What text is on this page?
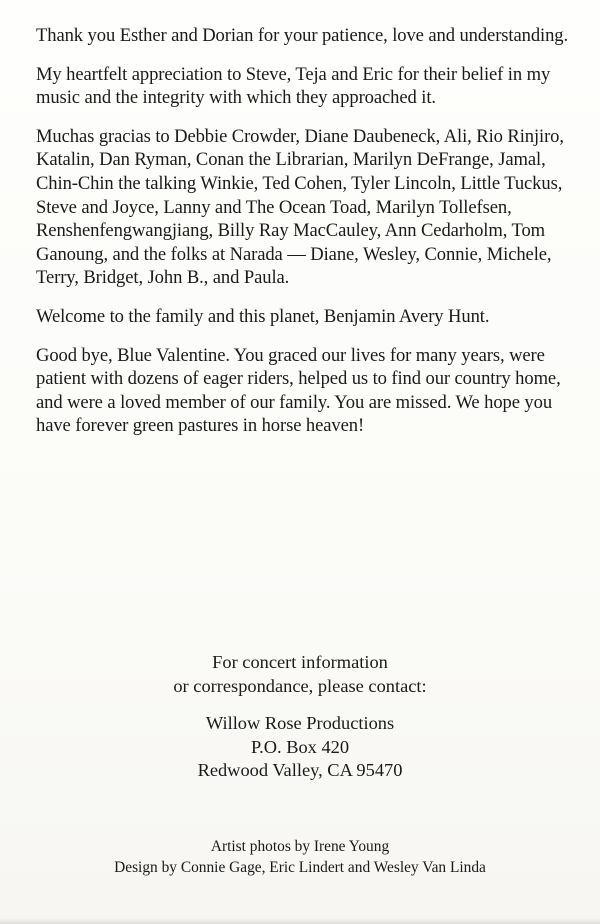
Thank you Esther and Dorian for your patience, love and understanding.

My heartfelt appreciation to Steve, Teja and Eric for their belief in my music and the integrity with which they approached it.

Muchas gracias to Debbie Crowder, Diane Daubeneck, Ali, Rio Rinjiro, Katalin, Dan Ryman, Conan the Librarian, Marilyn DeFrange, Jamal, Chin-Chin the talking Winkie, Ted Cohen, Tyler Lincoln, Little Tuckus, Steve and Joyce, Lanny and The Ocean Toad, Marilyn Tollefsen, Renshenfengwangjiang, Billy Ray MacCauley, Ann Cedarholm, Tom Ganoung, and the folks at Narada — Diane, Wesley, Connie, Michele, Terry, Bridget, John B., and Paula.

Welcome to the family and this planet, Benjamin Avery Hunt.

Good bye, Blue Valentine. You graced our lives for many years, were patient with dozens of eager riders, helped us to find our country home, and were a loved member of our family. You are missed. We hope you have forever green pastures in horse heaven!

For concert information

or correspondance, please contact:

Willow Rose Productions

P.O. Box 420

Redwood Valley, CA 95470

Artist photos by Irene Young

Design by Connie Gage, Eric Lindert and Wesley Van Linda
